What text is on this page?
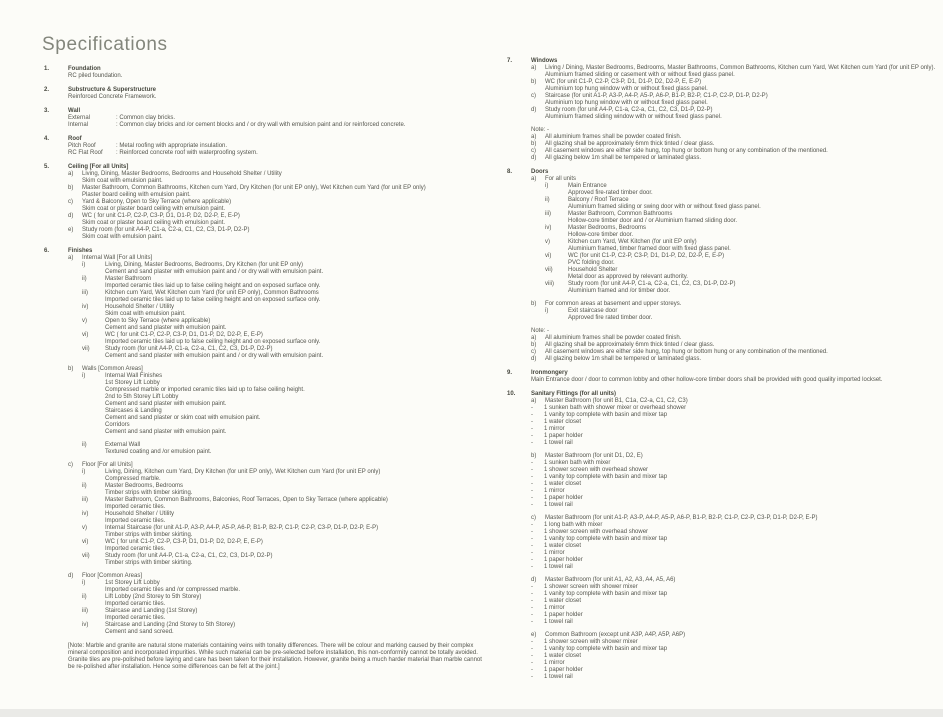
Specifications
1.	Foundation
RC piled foundation.
2.	Substructure & Superstructure
Reinforced Concrete Framework.
3.	Wall
External	: Common clay bricks.
Internal	: Common clay bricks and /or cement blocks and / or dry wall with emulsion paint and /or reinforced concrete.
4.	Roof
Pitch Roof	: Metal roofing with appropriate insulation.
RC Flat Roof	: Reinforced concrete roof with waterproofing system.
5.	Ceiling [For all Units]
a)	Living, Dining, Master Bedrooms, Bedrooms and Household Shelter / Utility
Skim coat with emulsion paint.
b)	Master Bathroom, Common Bathrooms, Kitchen cum Yard, Dry Kitchen (for unit EP only), Wet Kitchen cum Yard (for unit EP only)
Plaster board ceiling with emulsion paint.
c)	Yard & Balcony, Open to Sky Terrace (where applicable)
Skim coat or plaster board ceiling with emulsion paint.
d)	WC ( for unit C1-P, C2-P, C3-P, D1, D1-P, D2, D2-P, E, E-P)
Skim coat or plaster board ceiling with emulsion paint.
e)	Study room (for unit A4-P, C1-a, C2-a, C1, C2, C3, D1-P, D2-P)
Skim coat with emulsion paint.
6.	Finishes
a)	Internal Wall [For all Units]
i)	Living, Dining, Master Bedrooms, Bedrooms, Dry Kitchen (for unit EP only)
Cement and sand plaster with emulsion paint and / or dry wall with emulsion paint.
ii)	Master Bathroom
Imported ceramic tiles laid up to false ceiling height and on exposed surface only.
iii)	Kitchen cum Yard, Wet Kitchen cum Yard (for unit EP only), Common Bathrooms
Imported ceramic tiles laid up to false ceiling height and on exposed surface only.
iv)	Household Shelter / Utility
Skim coat with emulsion paint.
v)	Open to Sky Terrace (where applicable)
Cement and sand plaster with emulsion paint.
vi)	WC ( for unit C1-P, C2-P, C3-P, D1, D1-P, D2, D2-P, E, E-P)
Imported ceramic tiles laid up to false ceiling height and on exposed surface only.
vii)	Study room (for unit A4-P, C1-a, C2-a, C1, C2, C3, D1-P, D2-P)
Cement and sand plaster with emulsion paint and / or dry wall with emulsion paint.
b)	Walls [Common Areas]
i)	Internal Wall Finishes
1st Storey Lift Lobby
Compressed marble or imported ceramic tiles laid up to false ceiling height.
2nd to 5th Storey Lift Lobby
Cement and sand plaster with emulsion paint.
Staircases & Landing
Cement and sand plaster or skim coat with emulsion paint.
Corridors
Cement and sand plaster with emulsion paint.
ii)	External Wall
Textured coating and /or emulsion paint.
c)	Floor [For all Units]
i)	Living, Dining, Kitchen cum Yard, Dry Kitchen (for unit EP only), Wet Kitchen cum Yard (for unit EP only)
Compressed marble.
ii)	Master Bedrooms, Bedrooms
Timber strips with timber skirting.
iii)	Master Bathroom, Common Bathrooms, Balconies, Roof Terraces, Open to Sky Terrace (where applicable)
Imported ceramic tiles.
iv)	Household Shelter / Utility
Imported ceramic tiles.
v)	Internal Staircase (for unit A1-P, A3-P, A4-P, A5-P, A6-P, B1-P, B2-P, C1-P, C2-P, C3-P, D1-P, D2-P, E-P)
Timber strips with timber skirting.
vi)	WC ( for unit C1-P, C2-P, C3-P, D1, D1-P, D2, D2-P, E, E-P)
Imported ceramic tiles.
vii)	Study room (for unit A4-P, C1-a, C2-a, C1, C2, C3, D1-P, D2-P)
Timber strips with timber skirting.
d)	Floor [Common Areas]
i)	1st Storey Lift Lobby
Imported ceramic tiles and /or compressed marble.
ii)	Lift Lobby (2nd Storey to 5th Storey)
Imported ceramic tiles.
iii)	Staircase and Landing (1st Storey)
Imported ceramic tiles.
iv)	Staircase and Landing (2nd Storey to 5th Storey)
Cement and sand screed.
[Note: Marble and granite are natural stone materials containing veins with tonality differences. There will be colour and marking caused by their complex mineral composition and incorporated impurities. While such material can be pre-selected before installation, this non-conformity cannot be totally avoided.
Granite tiles are pre-polished before laying and care has been taken for their installation. However, granite being a much harder material than marble cannot be re-polished after installation. Hence some differences can be felt at the joint.]
7.	Windows
a)	Living / Dining, Master Bedrooms, Bedrooms, Master Bathrooms, Common Bathrooms, Kitchen cum Yard, Wet Kitchen cum Yard (for unit EP only).
Aluminium framed sliding or casement with or without fixed glass panel.
b)	WC (for unit C1-P, C2-P, C3-P, D1, D1-P, D2, D2-P, E, E-P)
Aluminium top hung window with or without fixed glass panel.
c)	Staircase (for unit A1-P, A3-P, A4-P, A5-P, A6-P, B1-P, B2-P, C1-P, C2-P, D1-P, D2-P)
Aluminium top hung window with or without fixed glass panel.
d)	Study room (for unit A4-P, C1-a, C2-a, C1, C2, C3, D1-P, D2-P)
Aluminium framed sliding window with or without fixed glass panel.
Note: -
a)	All aluminium frames shall be powder coated finish.
b)	All glazing shall be approximately 6mm thick tinted / clear glass.
c)	All casement windows are either side hung, top hung or bottom hung or any combination of the mentioned.
d)	All glazing below 1m shall be tempered or laminated glass.
8.	Doors
a)	For all units
i)	Main Entrance
Approved fire-rated timber door.
ii)	Balcony / Roof Terrace
Aluminium framed sliding or swing door with or without fixed glass panel.
iii)	Master Bathroom, Common Bathrooms
Hollow-core timber door and / or Aluminium framed sliding door.
iv)	Master Bedrooms, Bedrooms
Hollow-core timber door.
v)	Kitchen cum Yard, Wet Kitchen (for unit EP only)
Aluminium framed, timber framed door with fixed glass panel.
vi)	WC (for unit C1-P, C2-P, C3-P, D1, D1-P, D2, D2-P, E, E-P)
PVC folding door.
vii)	Household Shelter
Metal door as approved by relevant authority.
viii)	Study room (for unit A4-P, C1-a, C2-a, C1, C2, C3, D1-P, D2-P)
Aluminium framed and /or timber door.
b)	For common areas at basement and upper storeys.
i)	Exit staircase door
Approved fire rated timber door.
Note: -
a)	All aluminium frames shall be powder coated finish.
b)	All glazing shall be approximately 6mm thick tinted / clear glass.
c)	All casement windows are either side hung, top hung or bottom hung or any combination of the mentioned.
d)	All glazing below 1m shall be tempered or laminated glass.
9.	Ironmongery
Main Entrance door / door to common lobby and other hollow-core timber doors shall be provided with good quality imported lockset.
10.	Sanitary Fittings (for all units)
a)	Master Bathroom (for unit B1, C1a, C2-a, C1, C2, C3)
-	1 sunken bath with shower mixer or overhead shower
-	1 vanity top complete with basin and mixer tap
-	1 water closet
-	1 mirror
-	1 paper holder
-	1 towel rail
b)	Master Bathroom (for unit D1, D2, E)
-	1 sunken bath with mixer
-	1 shower screen with overhead shower
-	1 vanity top complete with basin and mixer tap
-	1 water closet
-	1 mirror
-	1 paper holder
-	1 towel rail
c)	Master Bathroom (for unit A1-P, A3-P, A4-P, A5-P, A6-P, B1-P, B2-P, C1-P, C2-P, C3-P, D1-P, D2-P, E-P)
-	1 long bath with mixer
-	1 shower screen with overhead shower
-	1 vanity top complete with basin and mixer tap
-	1 water closet
-	1 mirror
-	1 paper holder
-	1 towel rail
d)	Master Bathroom (for unit A1, A2, A3, A4, A5, A6)
-	1 shower screen with shower mixer
-	1 vanity top complete with basin and mixer tap
-	1 water closet
-	1 mirror
-	1 paper holder
-	1 towel rail
e)	Common Bathroom (except unit A3P, A4P, A5P, A6P)
-	1 shower screen with shower mixer
-	1 vanity top complete with basin and mixer tap
-	1 water closet
-	1 mirror
-	1 paper holder
-	1 towel rail
